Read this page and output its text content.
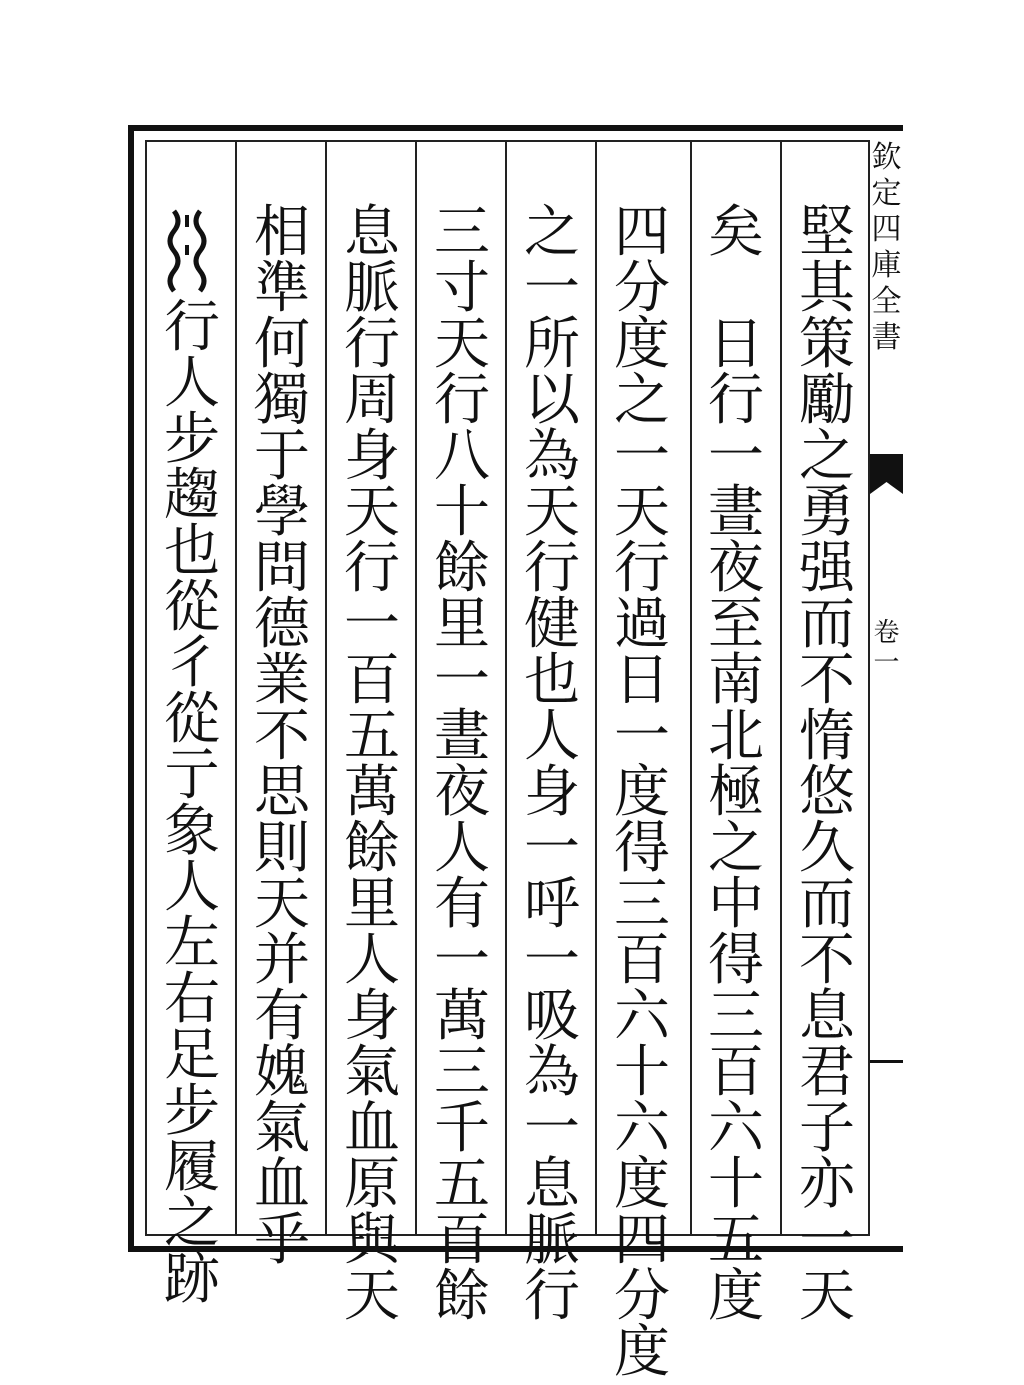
欽
定
四
庫
全
書
卷
一
堅
其
策
勵
之
勇
强
而
不
惰
悠
久
而
不
息
君
子
亦
一
天
矣
日
行
一
晝
夜
至
南
北
極
之
中
得
三
百
六
十
五
度
四
分
度
之
一
天
行
過
日
一
度
得
三
百
六
十
六
度
四
分
度
之
一
所
以
為
天
行
健
也
人
身
一
呼
一
吸
為
一
息
脈
行
三
寸
天
行
八
十
餘
里
一
晝
夜
人
有
一
萬
三
千
五
百
餘
息
脈
行
周
身
天
行
一
百
五
萬
餘
里
人
身
氣
血
原
與
天
相
準
何
獨
于
學
問
德
業
不
思
則
天
并
有
媿
氣
血
乎
行
人
步
趨
也
從
彳
從
亍
象
人
左
右
足
步
履
之
跡
